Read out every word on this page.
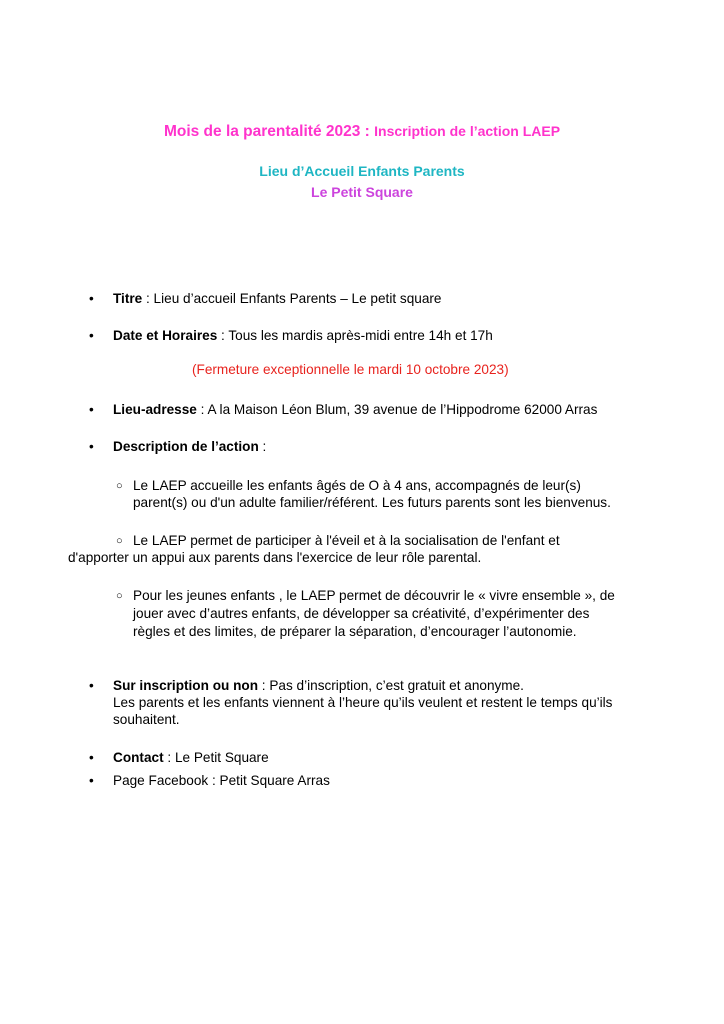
Mois de la parentalité 2023 : Inscription de l’action LAEP
Lieu d’Accueil Enfants Parents
Le Petit Square
• Titre : Lieu d’accueil Enfants Parents – Le petit square
• Date et Horaires : Tous les mardis après-midi entre 14h et 17h
(Fermeture exceptionnelle le mardi 10 octobre 2023)
• Lieu-adresse : A la Maison Léon Blum, 39 avenue de l’Hippodrome 62000 Arras
• Description de l’action :
○ Le LAEP accueille les enfants âgés de O à 4 ans, accompagnés de leur(s)
parent(s) ou d'un adulte familier/référent. Les futurs parents sont les bienvenus.
○ Le LAEP permet de participer à l'éveil et à la socialisation de l'enfant et
d'apporter un appui aux parents dans l'exercice de leur rôle parental.
○ Pour les jeunes enfants , le LAEP permet de découvrir le « vivre ensemble », de
jouer avec d’autres enfants, de développer sa créativité, d’expérimenter des
règles et des limites, de préparer la séparation, d’encourager l’autonomie.
• Sur inscription ou non : Pas d’inscription, c’est gratuit et anonyme.
Les parents et les enfants viennent à l’heure qu’ils veulent et restent le temps qu’ils
souhaitent.
• Contact : Le Petit Square
• Page Facebook : Petit Square Arras
